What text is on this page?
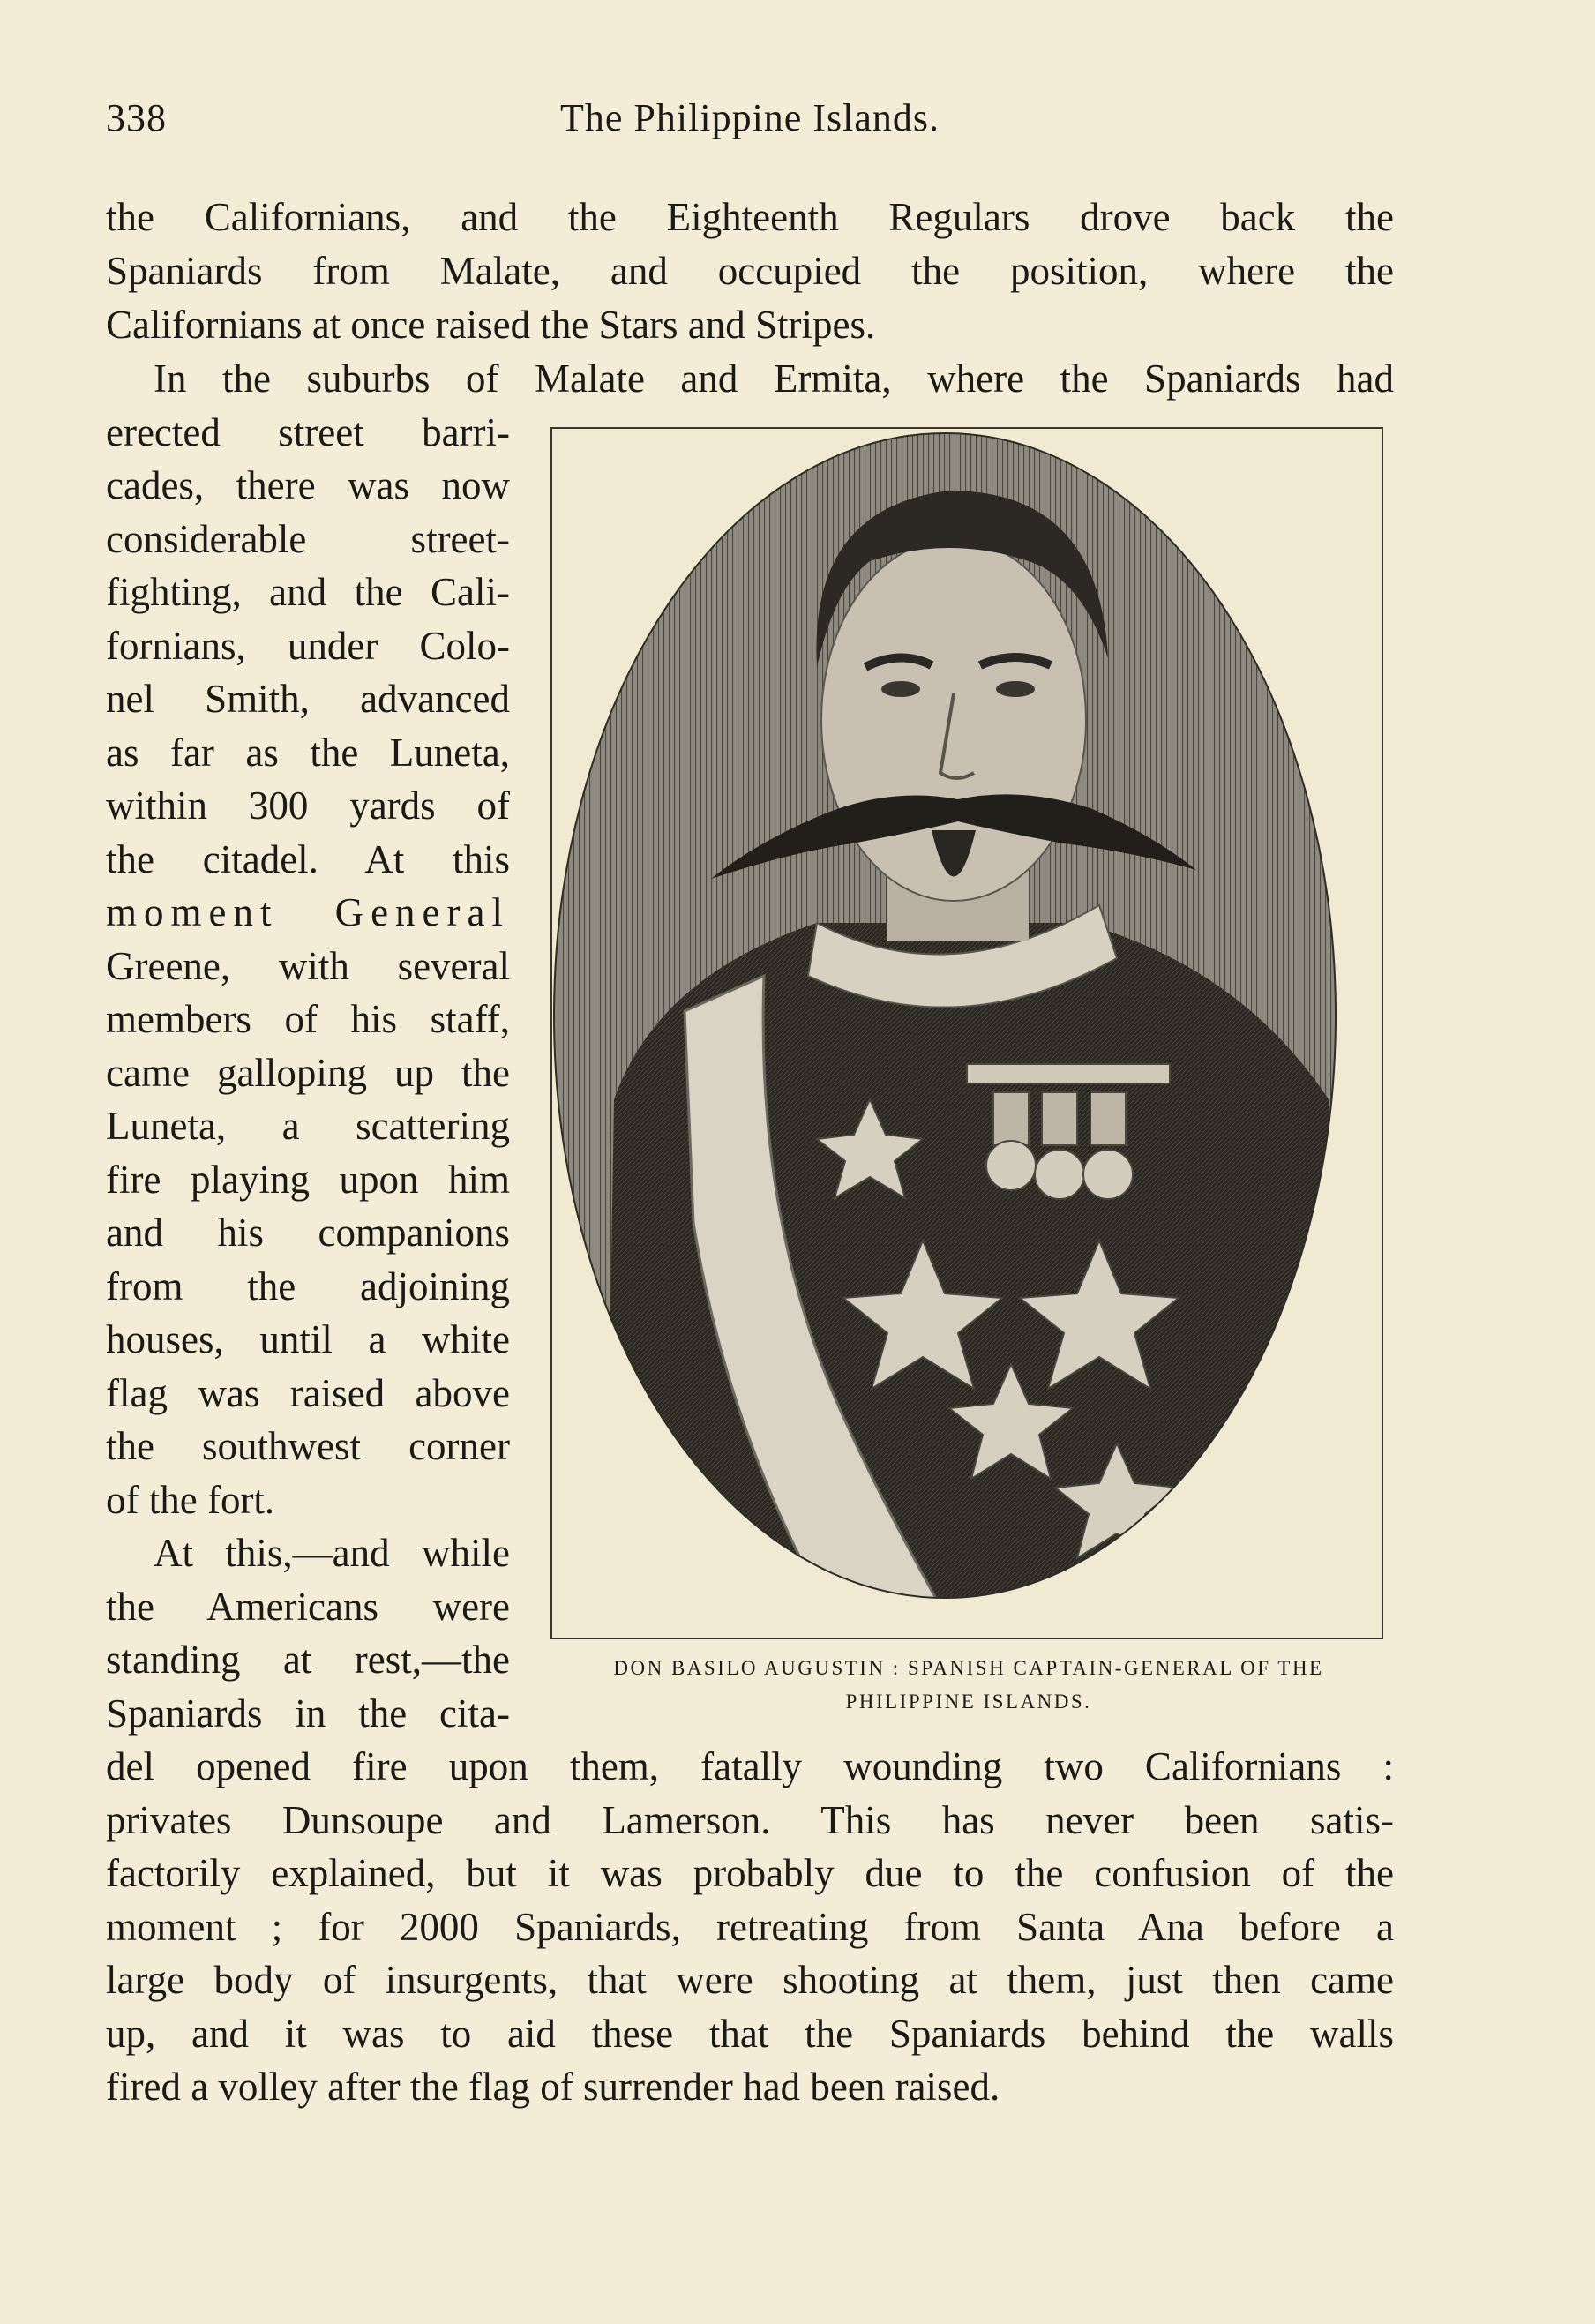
338	The Philippine Islands.
the Californians, and the Eighteenth Regulars drove back the
Spaniards from Malate, and occupied the position, where the
Californians at once raised the Stars and Stripes.
In the suburbs of Malate and Ermita, where the Spaniards had
erected street barri-
cades, there was now
considerable street-
fighting, and the Cali-
fornians, under Colo-
nel Smith, advanced
as far as the Luneta,
within 300 yards of
the citadel. At this
moment General
Greene, with several
members of his staff,
came galloping up the
Luneta, a scattering
fire playing upon him
and his companions
from the adjoining
houses, until a white
flag was raised above
the southwest corner
of the fort.
At this,—and while
the Americans were
standing at rest,—the
Spaniards in the cita-
del opened fire upon them, fatally wounding two Californians :
privates Dunsoupe and Lamerson. This has never been satis-
factorily explained, but it was probably due to the confusion of the
moment ; for 2000 Spaniards, retreating from Santa Ana before a
large body of insurgents, that were shooting at them, just then came
up, and it was to aid these that the Spaniards behind the walls
fired a volley after the flag of surrender had been raised.
DON BASILO AUGUSTIN : SPANISH CAPTAIN-GENERAL OF THE
PHILIPPINE ISLANDS.
